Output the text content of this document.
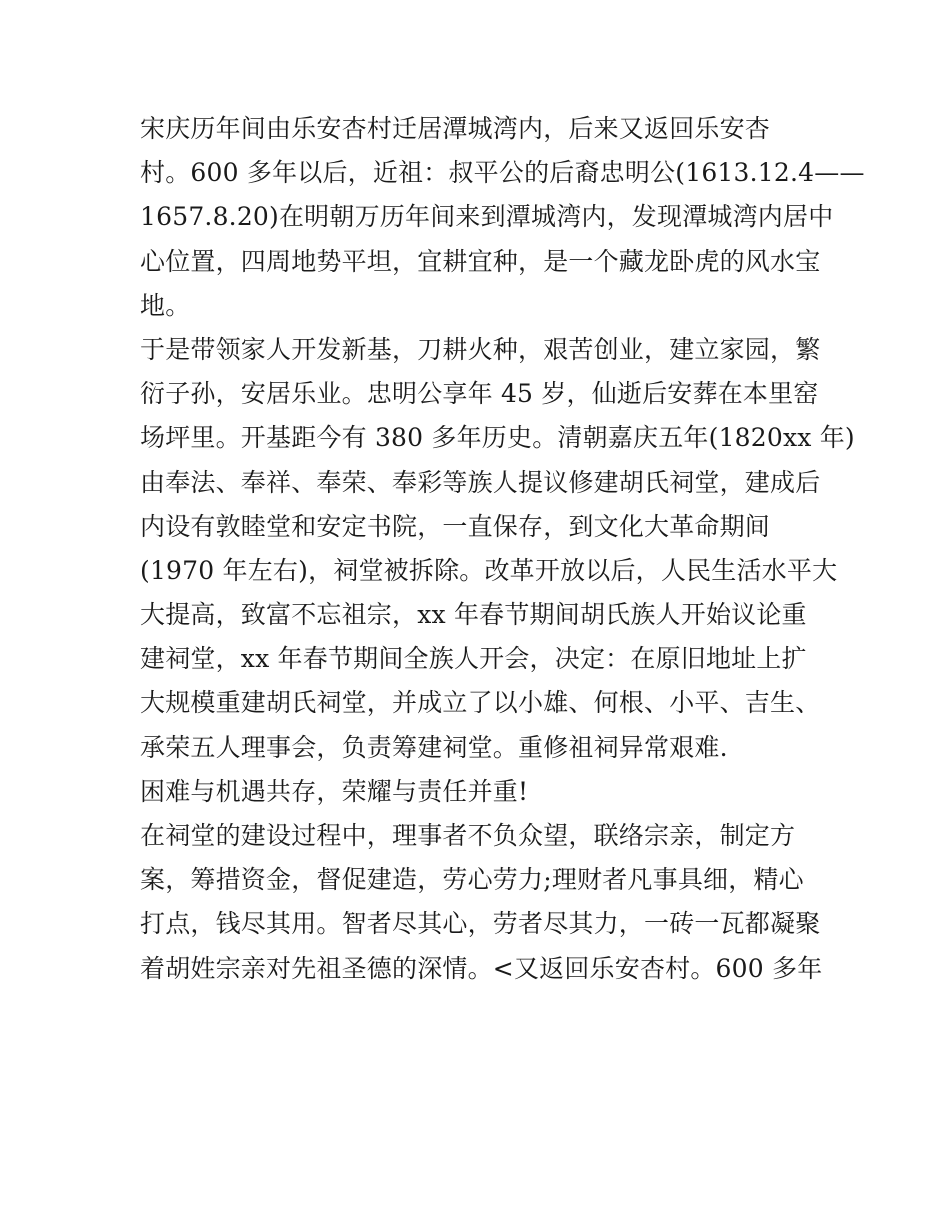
宋庆历年间由乐安杏村迁居潭城湾内，后来又返回乐安杏
村。600 多年以后，近祖：叔平公的后裔忠明公(1613.12.4——
1657.8.20)在明朝万历年间来到潭城湾内，发现潭城湾内居中
心位置，四周地势平坦，宜耕宜种，是一个藏龙卧虎的风水宝
地。
于是带领家人开发新基，刀耕火种，艰苦创业，建立家园，繁
衍子孙，安居乐业。忠明公享年 45 岁，仙逝后安葬在本里窑
场坪里。开基距今有 380 多年历史。清朝嘉庆五年(1820xx 年)
由奉法、奉祥、奉荣、奉彩等族人提议修建胡氏祠堂，建成后
内设有敦睦堂和安定书院，一直保存，到文化大革命期间
(1970 年左右)，祠堂被拆除。改革开放以后，人民生活水平大
大提高，致富不忘祖宗，xx 年春节期间胡氏族人开始议论重
建祠堂，xx 年春节期间全族人开会，决定：在原旧地址上扩
大规模重建胡氏祠堂，并成立了以小雄、何根、小平、吉生、
承荣五人理事会，负责筹建祠堂。重修祖祠异常艰难.
困难与机遇共存，荣耀与责任并重!
在祠堂的建设过程中，理事者不负众望，联络宗亲，制定方
案，筹措资金，督促建造，劳心劳力;理财者凡事具细，精心
打点，钱尽其用。智者尽其心，劳者尽其力，一砖一瓦都凝聚
着胡姓宗亲对先祖圣德的深情。<又返回乐安杏村。600 多年
